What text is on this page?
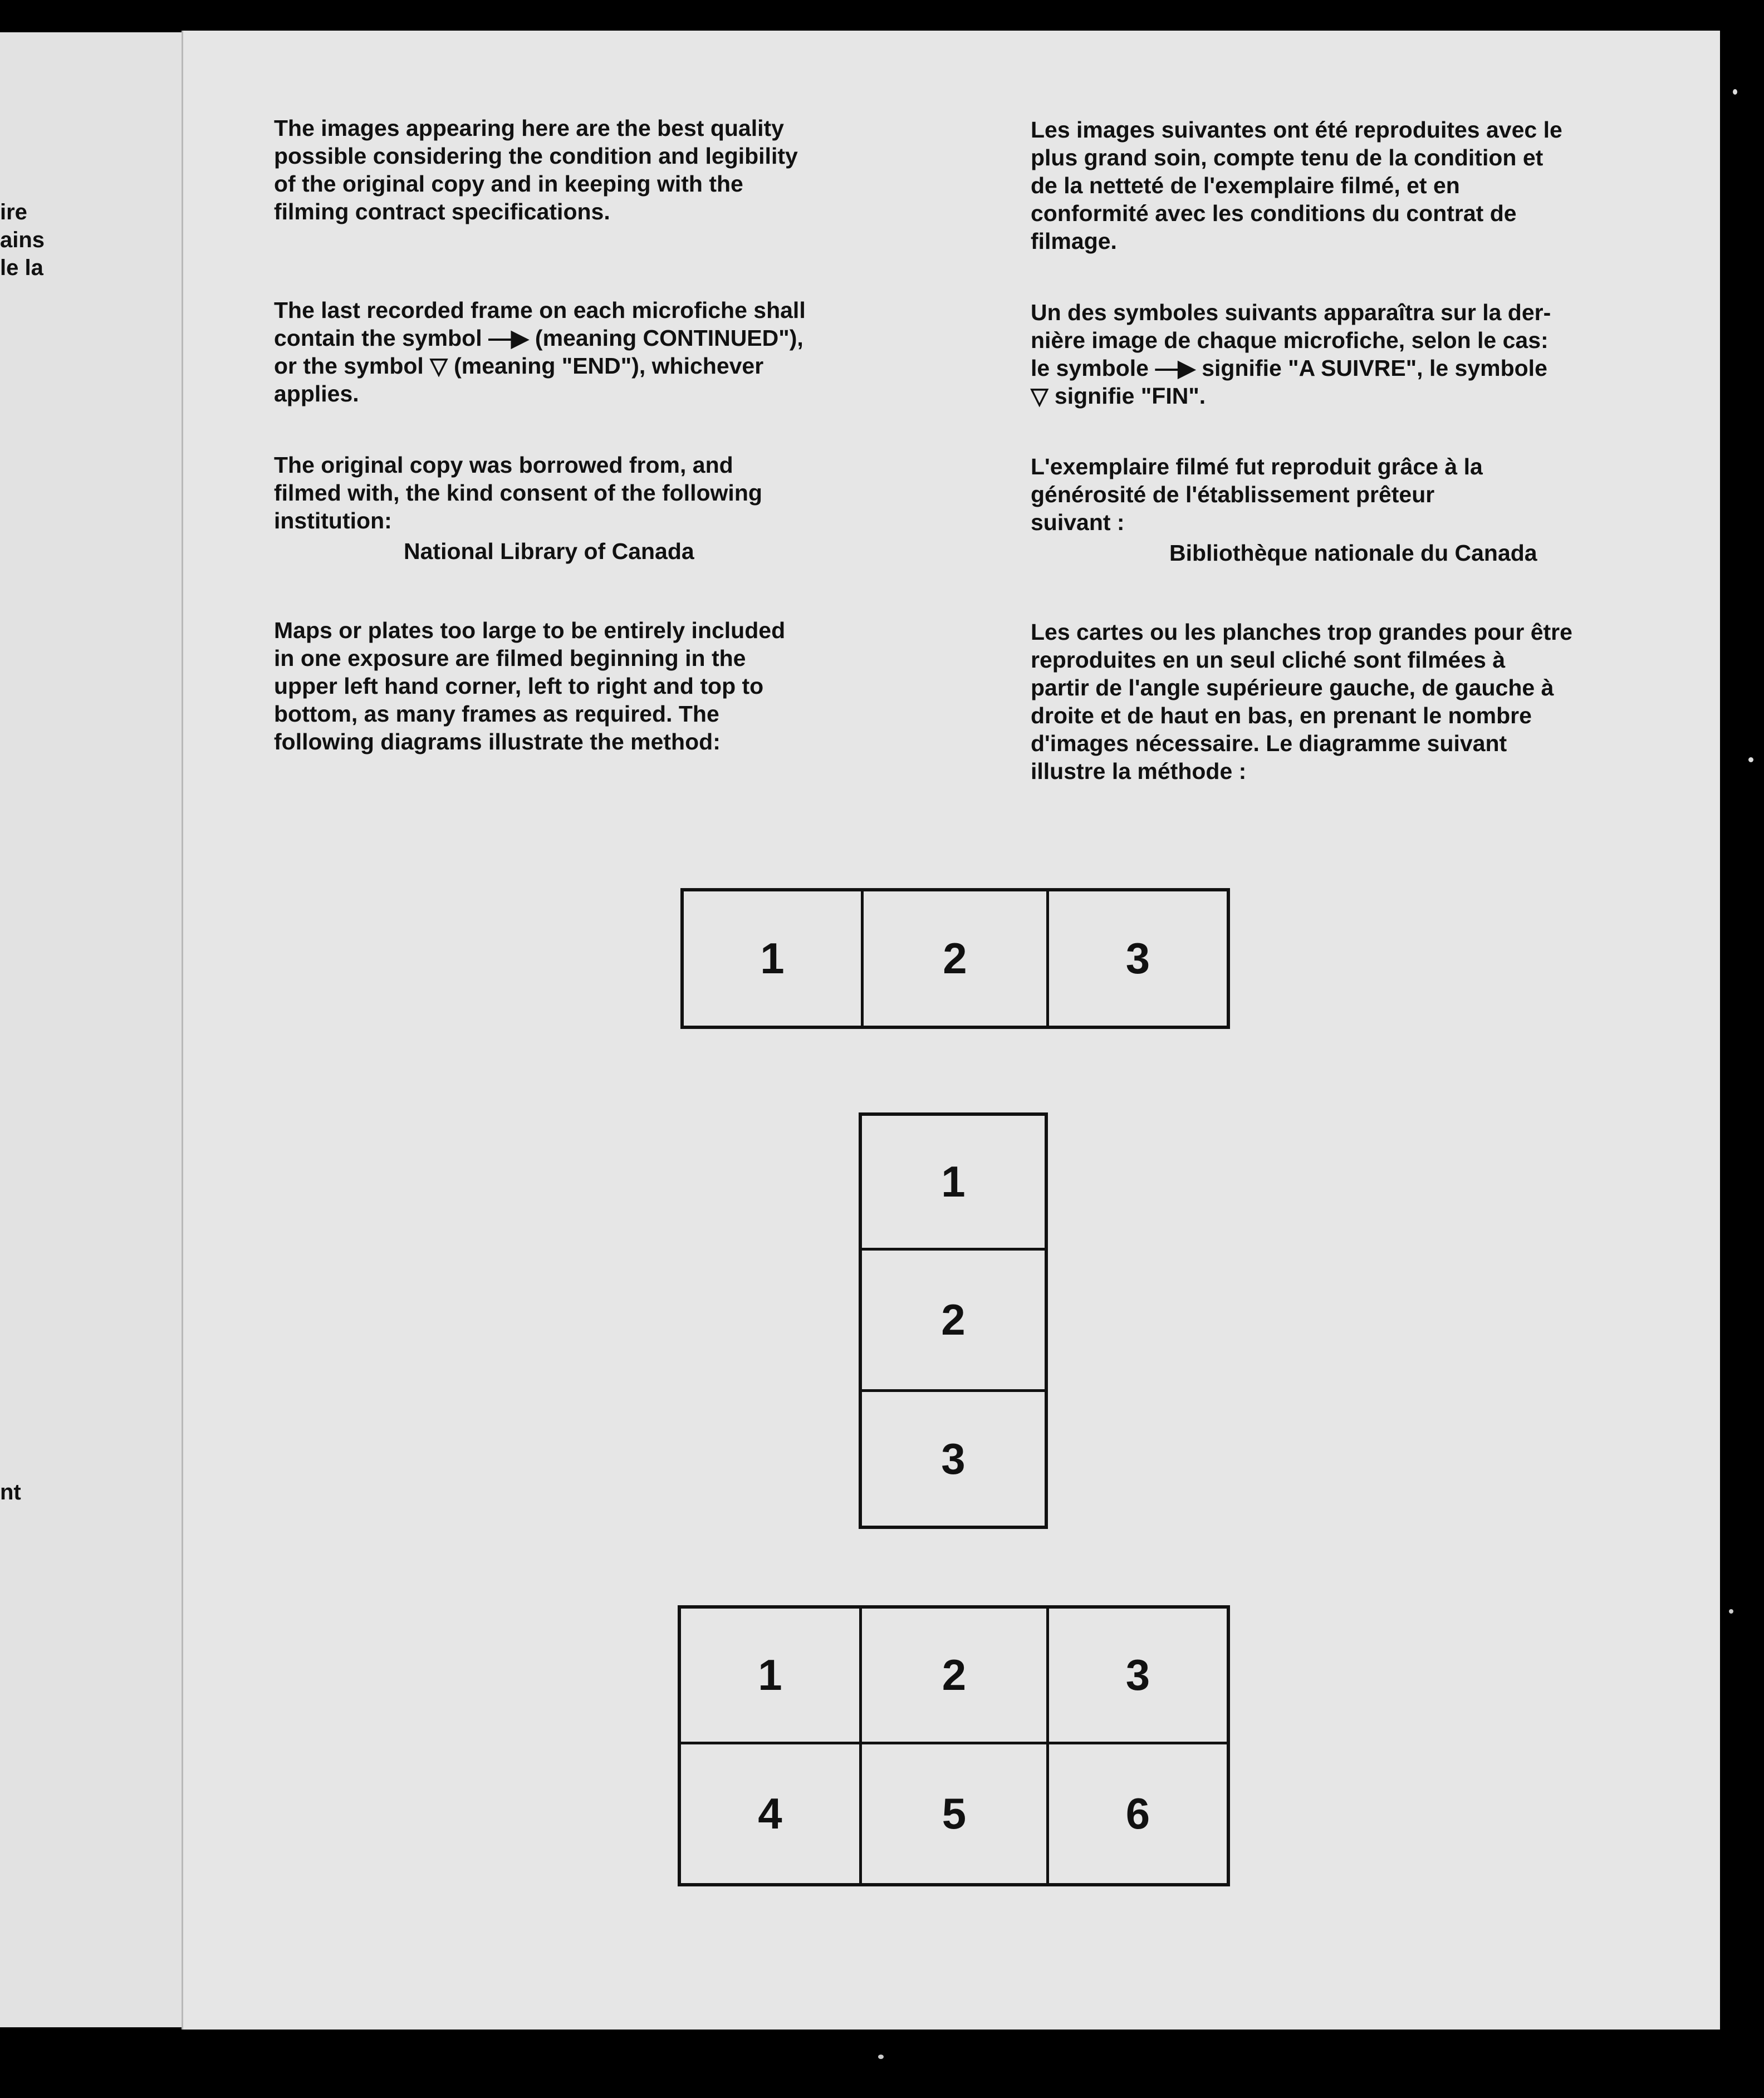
ire
ains
le la
nt

The images appearing here are the best quality
possible considering the condition and legibility
of the original copy and in keeping with the
filming contract specifications.

The last recorded frame on each microfiche shall
contain the symbol —▶ (meaning CONTINUED"),
or the symbol ▽ (meaning "END"), whichever
applies.

The original copy was borrowed from, and
filmed with, the kind consent of the following
institution:

National Library of Canada

Maps or plates too large to be entirely included
in one exposure are filmed beginning in the
upper left hand corner, left to right and top to
bottom, as many frames as required. The
following diagrams illustrate the method:

Les images suivantes ont été reproduites avec le
plus grand soin, compte tenu de la condition et
de la netteté de l'exemplaire filmé, et en
conformité avec les conditions du contrat de
filmage.

Un des symboles suivants apparaîtra sur la der-
nière image de chaque microfiche, selon le cas:
le symbole —▶ signifie "A SUIVRE", le symbole
▽ signifie "FIN".

L'exemplaire filmé fut reproduit grâce à la
générosité de l'établissement prêteur
suivant :

Bibliothèque nationale du Canada

Les cartes ou les planches trop grandes pour être
reproduites en un seul cliché sont filmées à
partir de l'angle supérieure gauche, de gauche à
droite et de haut en bas, en prenant le nombre
d'images nécessaire. Le diagramme suivant
illustre la méthode :

1	2	3
1
2
3
1	2	3
4	5	6
